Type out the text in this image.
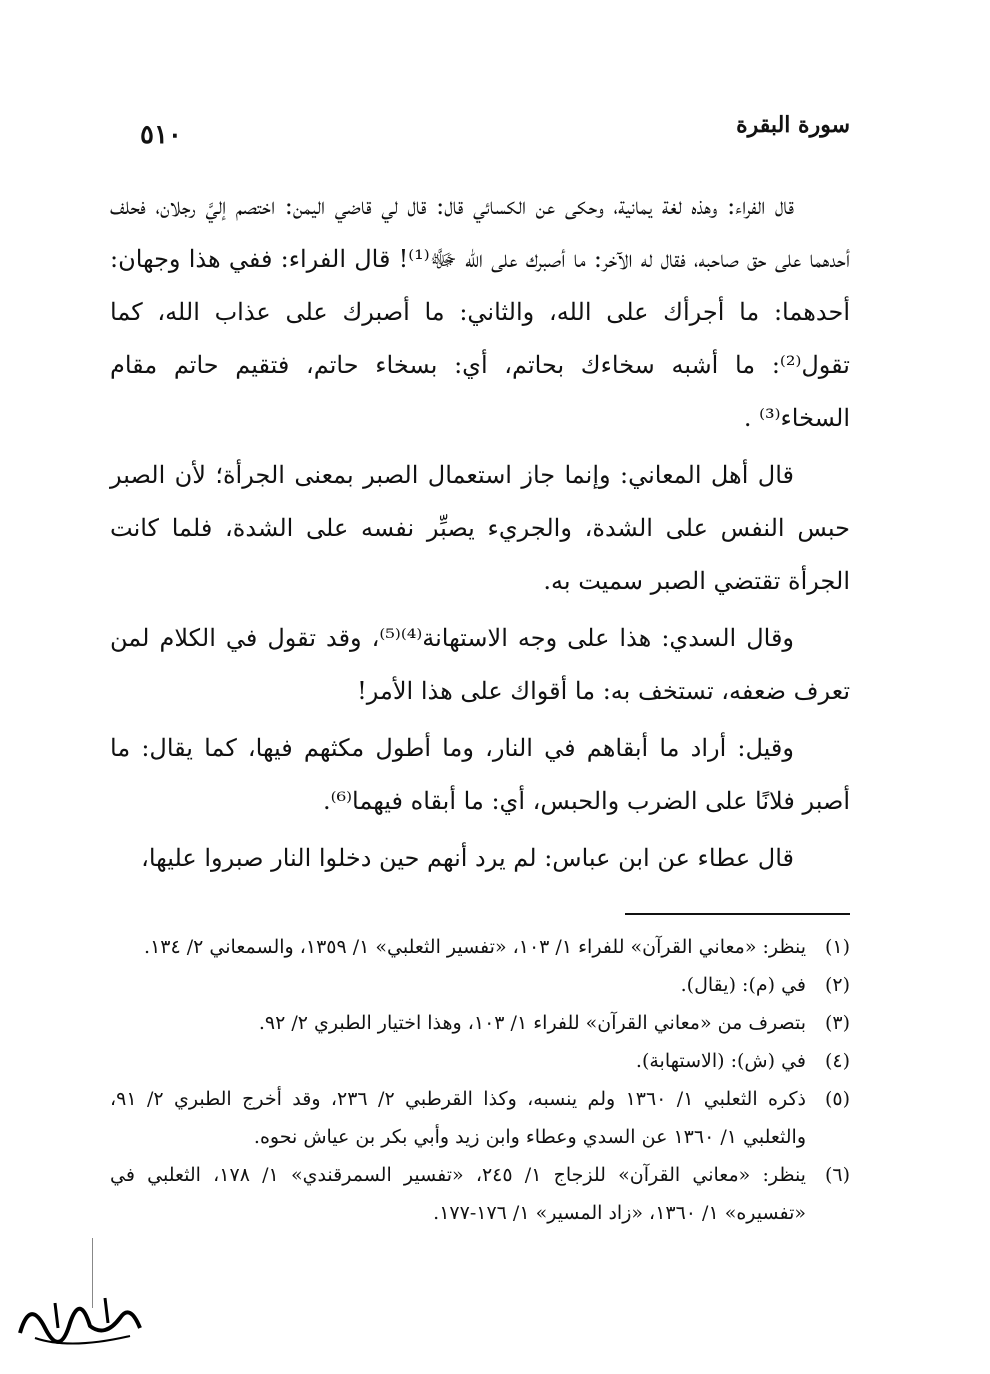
سورة البقرة
٥١٠

قال الفراء: وهذه لغة يمانية، وحكى عن الكسائي قال: قال لي قاضي اليمن: اختصم إليَّ رجلان، فحلف أحدهما على حق صاحبه، فقال له الآخر: ما أصبرك على الله ﷻ⁽¹⁾! قال الفراء: ففي هذا وجهان: أحدهما: ما أجرأك على الله، والثاني: ما أصبرك على عذاب الله، كما تقول⁽²⁾: ما أشبه سخاءك بحاتم، أي: بسخاء حاتم، فتقيم حاتم مقام السخاء⁽³⁾ .

قال أهل المعاني: وإنما جاز استعمال الصبر بمعنى الجرأة؛ لأن الصبر حبس النفس على الشدة، والجريء يصبِّر نفسه على الشدة، فلما كانت الجرأة تقتضي الصبر سميت به.

وقال السدي: هذا على وجه الاستهانة⁽⁴⁾⁽⁵⁾، وقد تقول في الكلام لمن تعرف ضعفه، تستخف به: ما أقواك على هذا الأمر!

وقيل: أراد ما أبقاهم في النار، وما أطول مكثهم فيها، كما يقال: ما أصبر فلانًا على الضرب والحبس، أي: ما أبقاه فيهما⁽⁶⁾.

قال عطاء عن ابن عباس: لم يرد أنهم حين دخلوا النار صبروا عليها،

(١)
ينظر: «معاني القرآن» للفراء ١/ ١٠٣، «تفسير الثعلبي» ١/ ١٣٥٩، والسمعاني ٢/ ١٣٤.
(٢)
في (م): (يقال).
(٣)
بتصرف من «معاني القرآن» للفراء ١/ ١٠٣، وهذا اختيار الطبري ٢/ ٩٢.
(٤)
في (ش): (الاستهابة).
(٥)
ذكره الثعلبي ١/ ١٣٦٠ ولم ينسبه، وكذا القرطبي ٢/ ٢٣٦، وقد أخرج الطبري ٢/ ٩١، والثعلبي ١/ ١٣٦٠ عن السدي وعطاء وابن زيد وأبي بكر بن عياش نحوه.
(٦)
ينظر: «معاني القرآن» للزجاج ١/ ٢٤٥، «تفسير السمرقندي» ١/ ١٧٨، الثعلبي في «تفسيره» ١/ ١٣٦٠، «زاد المسير» ١/ ١٧٦-١٧٧.
